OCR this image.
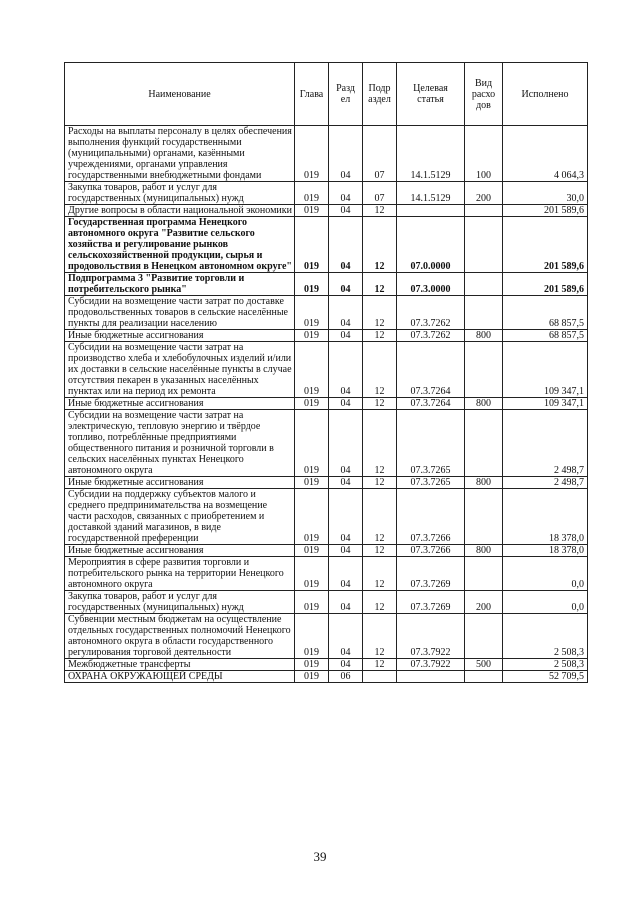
Наименование	Глава	Разд ел	Подр аздел	Целевая статья	Вид расхо дов	Исполнено
Расходы на выплаты персоналу в целях обеспечения выполнения функций государственными (муниципальными) органами, казёнными учреждениями, органами управления государственными внебюджетными фондами	019	04	07	14.1.5129	100	4 064,3
Закупка товаров, работ и услуг для государственных (муниципальных) нужд	019	04	07	14.1.5129	200	30,0
Другие вопросы в области национальной экономики	019	04	12			201 589,6
Государственная программа Ненецкого автономного округа "Развитие сельского хозяйства и регулирование рынков сельскохозяйственной продукции, сырья и продовольствия в Ненецком автономном округе"	019	04	12	07.0.0000		201 589,6
Подпрограмма 3 "Развитие торговли и потребительского рынка"	019	04	12	07.3.0000		201 589,6
Субсидии на возмещение части затрат по доставке продовольственных товаров в сельские населённые пункты для реализации населению	019	04	12	07.3.7262		68 857,5
Иные бюджетные ассигнования	019	04	12	07.3.7262	800	68 857,5
Субсидии на возмещение части затрат на производство хлеба и хлебобулочных изделий и/или их доставки в сельские населённые пункты в случае отсутствия пекарен в указанных населённых пунктах или на период их ремонта	019	04	12	07.3.7264		109 347,1
Иные бюджетные ассигнования	019	04	12	07.3.7264	800	109 347,1
Субсидии на возмещение части затрат на электрическую, тепловую энергию и твёрдое топливо, потреблённые предприятиями общественного питания и розничной торговли в сельских населённых пунктах Ненецкого автономного округа	019	04	12	07.3.7265		2 498,7
Иные бюджетные ассигнования	019	04	12	07.3.7265	800	2 498,7
Субсидии на поддержку субъектов малого и среднего предпринимательства на возмещение части расходов, связанных с приобретением и доставкой зданий магазинов, в виде государственной преференции	019	04	12	07.3.7266		18 378,0
Иные бюджетные ассигнования	019	04	12	07.3.7266	800	18 378,0
Мероприятия в сфере развития торговли и потребительского рынка на территории Ненецкого автономного округа	019	04	12	07.3.7269		0,0
Закупка товаров, работ и услуг для государственных (муниципальных) нужд	019	04	12	07.3.7269	200	0,0
Субвенции местным бюджетам на осуществление отдельных государственных полномочий Ненецкого автономного округа в области государственного регулирования торговой деятельности	019	04	12	07.3.7922		2 508,3
Межбюджетные трансферты	019	04	12	07.3.7922	500	2 508,3
ОХРАНА ОКРУЖАЮЩЕЙ СРЕДЫ	019	06				52 709,5
39
